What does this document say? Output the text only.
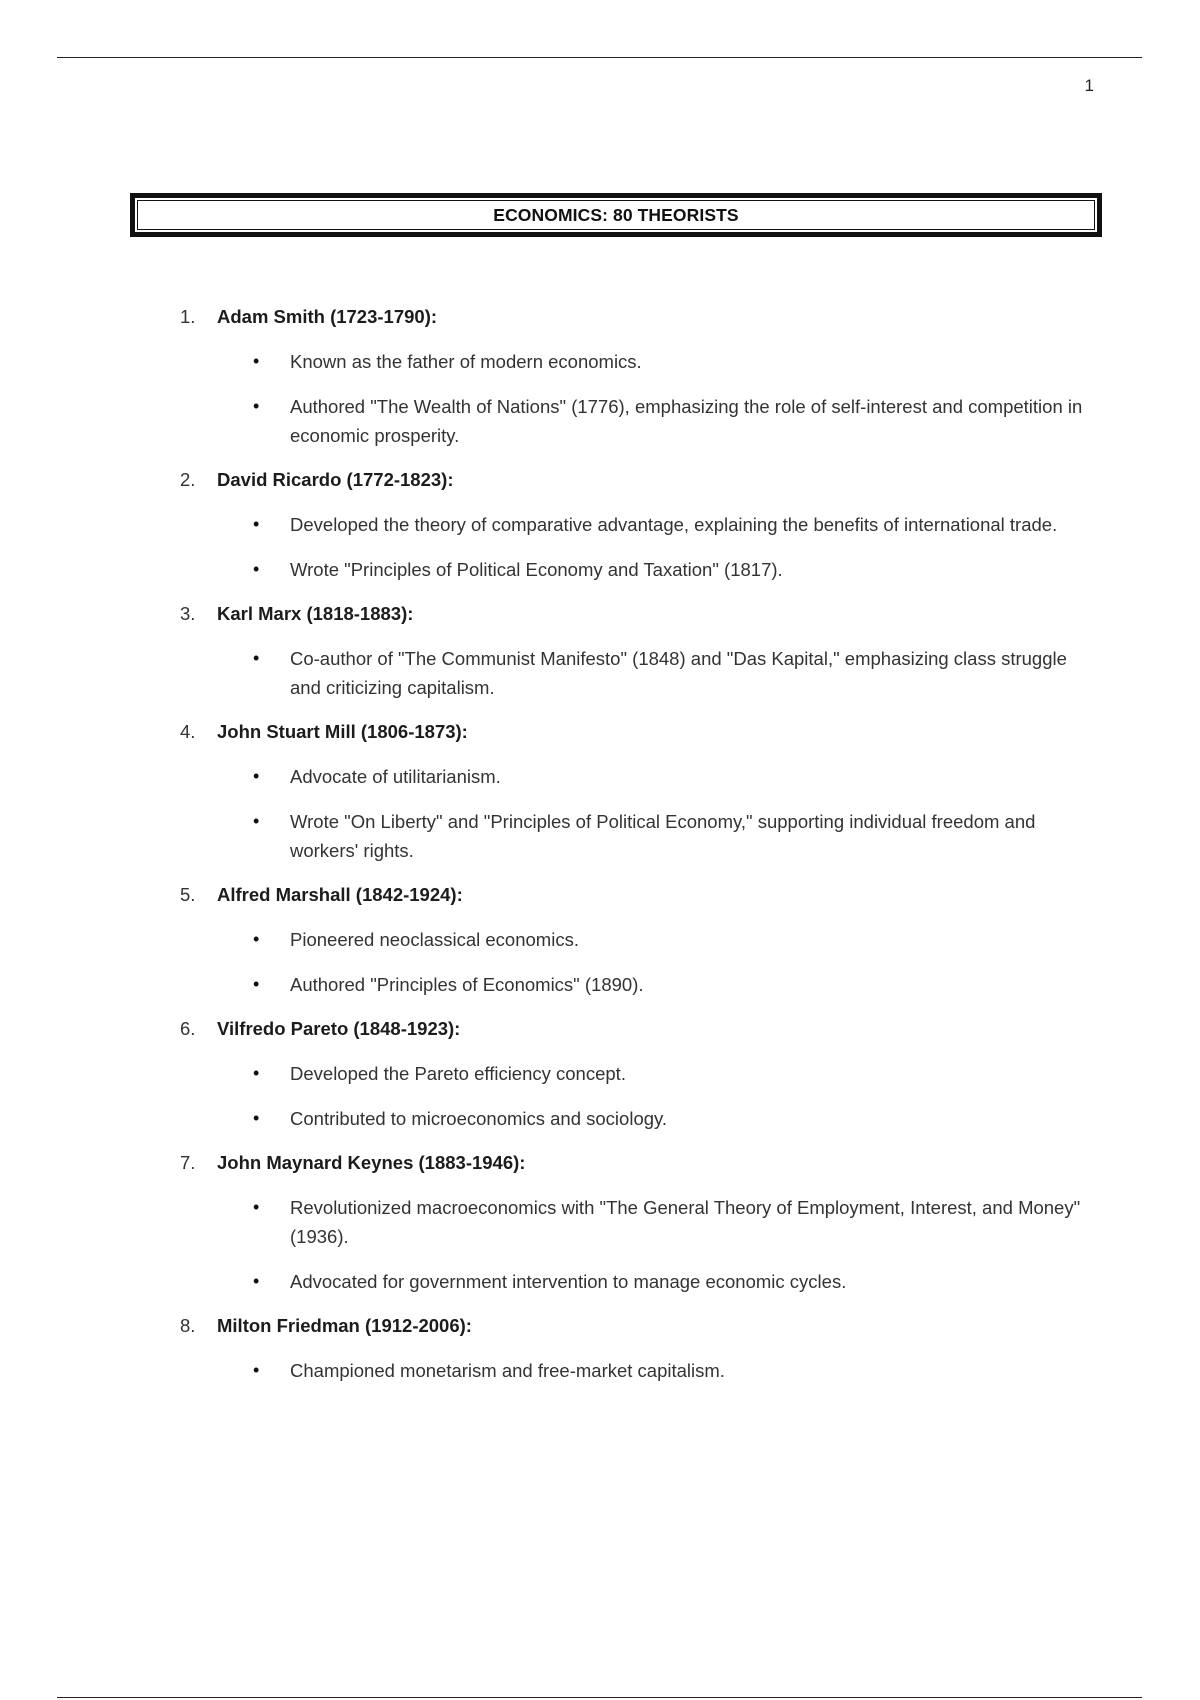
1
ECONOMICS: 80 THEORISTS
1. Adam Smith (1723-1790):
• Known as the father of modern economics.
• Authored "The Wealth of Nations" (1776), emphasizing the role of self-interest and competition in economic prosperity.
2. David Ricardo (1772-1823):
• Developed the theory of comparative advantage, explaining the benefits of international trade.
• Wrote "Principles of Political Economy and Taxation" (1817).
3. Karl Marx (1818-1883):
• Co-author of "The Communist Manifesto" (1848) and "Das Kapital," emphasizing class struggle and criticizing capitalism.
4. John Stuart Mill (1806-1873):
• Advocate of utilitarianism.
• Wrote "On Liberty" and "Principles of Political Economy," supporting individual freedom and workers' rights.
5. Alfred Marshall (1842-1924):
• Pioneered neoclassical economics.
• Authored "Principles of Economics" (1890).
6. Vilfredo Pareto (1848-1923):
• Developed the Pareto efficiency concept.
• Contributed to microeconomics and sociology.
7. John Maynard Keynes (1883-1946):
• Revolutionized macroeconomics with "The General Theory of Employment, Interest, and Money" (1936).
• Advocated for government intervention to manage economic cycles.
8. Milton Friedman (1912-2006):
• Championed monetarism and free-market capitalism.
